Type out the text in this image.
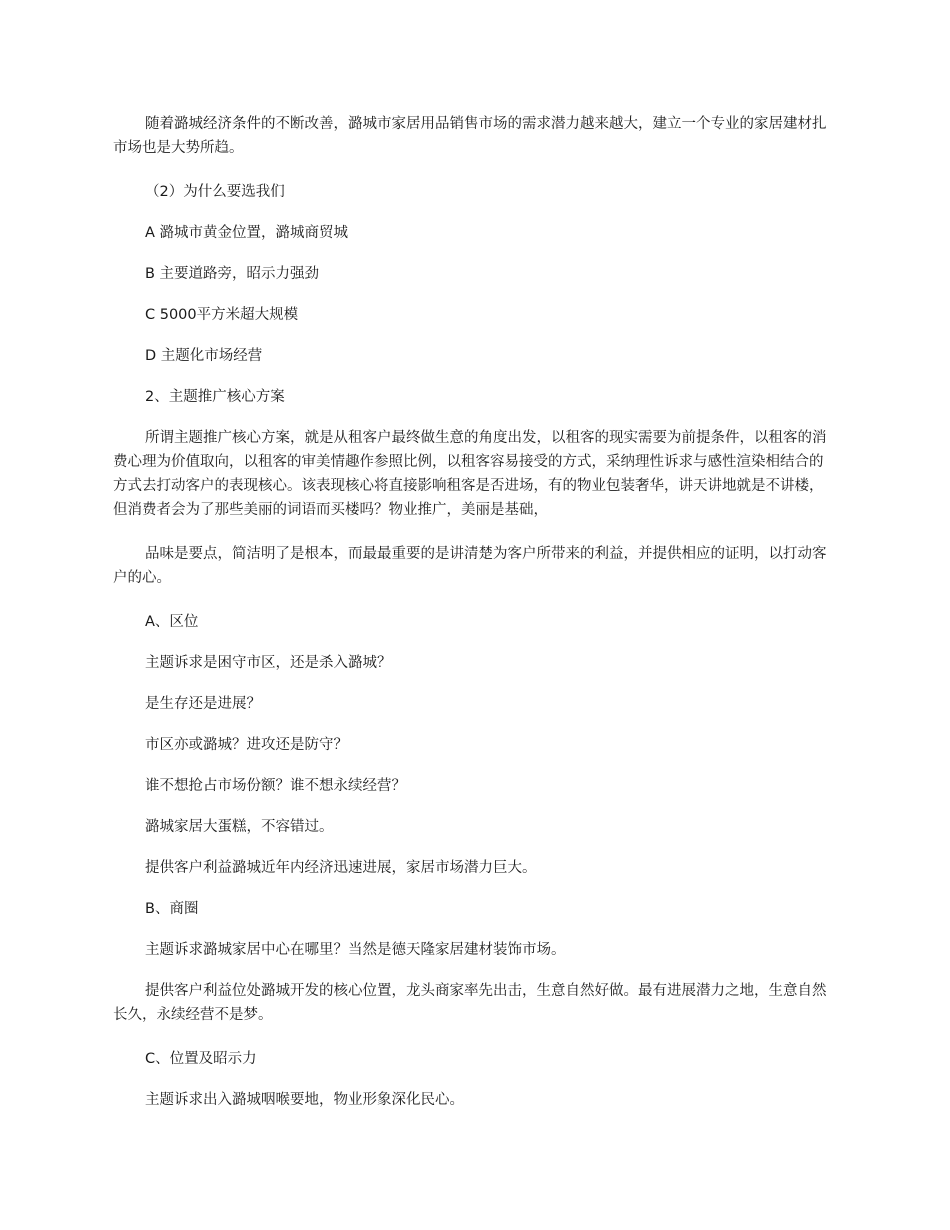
随着潞城经济条件的不断改善，潞城市家居用品销售市场的需求潜力越来越大，建立一个专业的家居建材扎市场也是大势所趋。

（2）为什么要选我们

A 潞城市黄金位置，潞城商贸城

B 主要道路旁，昭示力强劲

C 5000平方米超大规模

D 主题化市场经营

2、主题推广核心方案

所谓主题推广核心方案，就是从租客户最终做生意的角度出发，以租客的现实需要为前提条件，以租客的消费心理为价值取向，以租客的审美情趣作参照比例，以租客容易接受的方式，采纳理性诉求与感性渲染相结合的方式去打动客户的表现核心。该表现核心将直接影响租客是否进场，有的物业包装奢华，讲天讲地就是不讲楼，但消费者会为了那些美丽的词语而买楼吗？物业推广，美丽是基础，

品味是要点，简洁明了是根本，而最最重要的是讲清楚为客户所带来的利益，并提供相应的证明，以打动客户的心。

A、区位

主题诉求是困守市区，还是杀入潞城？

是生存还是进展？

市区亦或潞城？进攻还是防守？

谁不想抢占市场份额？谁不想永续经营？

潞城家居大蛋糕，不容错过。

提供客户利益潞城近年内经济迅速进展，家居市场潜力巨大。

B、商圈

主题诉求潞城家居中心在哪里？当然是德天隆家居建材装饰市场。

提供客户利益位处潞城开发的核心位置，龙头商家率先出击，生意自然好做。最有进展潜力之地，生意自然长久，永续经营不是梦。

C、位置及昭示力

主题诉求出入潞城咽喉要地，物业形象深化民心。
